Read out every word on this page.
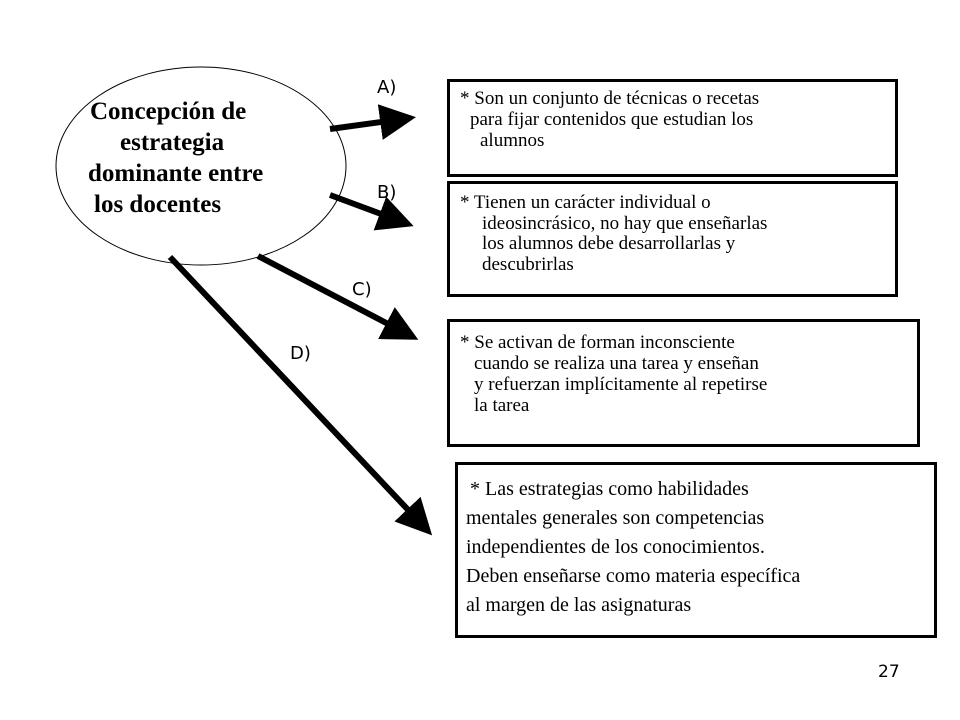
Concepción de
estrategia
dominante entre
los docentes
A)
B)
C)
D)
* Son un conjunto de técnicas o recetas
para fijar contenidos que estudian los
alumnos
* Tienen un carácter individual o
ideosincrásico, no hay que enseñarlas
los alumnos debe desarrollarlas y
descubrirlas
* Se activan de forman inconsciente
cuando se realiza una tarea y enseñan
y refuerzan implícitamente al repetirse
la tarea
* Las estrategias como habilidades
mentales generales son competencias
independientes de los conocimientos.
Deben enseñarse como materia específica
al margen de las asignaturas
27
